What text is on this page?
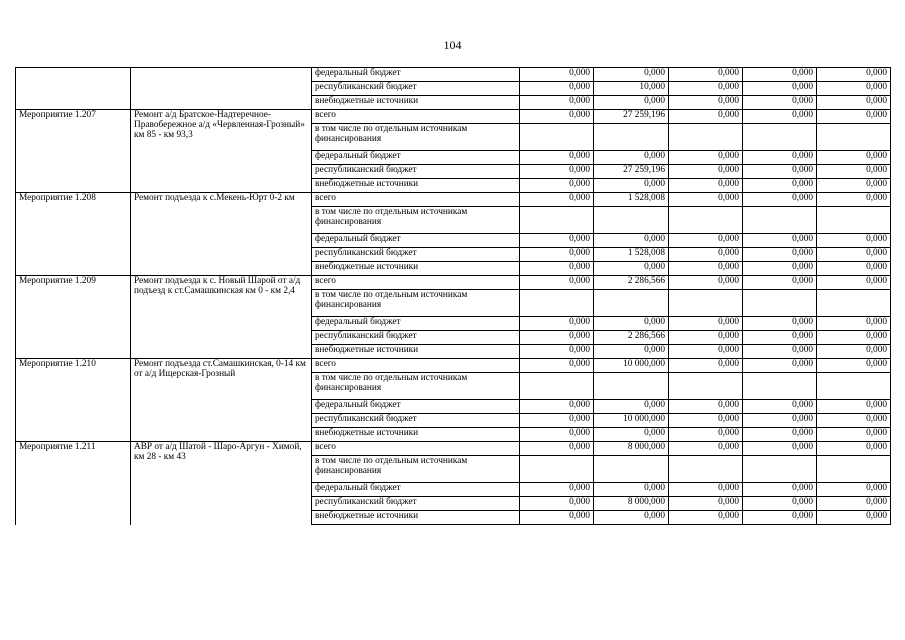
104
		федеральный бюджет	0,000	0,000	0,000	0,000	0,000
		республиканский бюджет	0,000	10,000	0,000	0,000	0,000
		внебюджетные источники	0,000	0,000	0,000	0,000	0,000
Мероприятие 1.207	Ремонт а/д Братское-Надтеречное-Правобережное а/д «Червленная-Грозный» км 85 - км 93,3	всего	0,000	27 259,196	0,000	0,000	0,000
		в том числе по отдельным источникам финансирования					
		федеральный бюджет	0,000	0,000	0,000	0,000	0,000
		республиканский бюджет	0,000	27 259,196	0,000	0,000	0,000
		внебюджетные источники	0,000	0,000	0,000	0,000	0,000
Мероприятие 1.208	Ремонт подъезда к с.Мекень-Юрт 0-2 км	всего	0,000	1 528,008	0,000	0,000	0,000
		в том числе по отдельным источникам финансирования					
		федеральный бюджет	0,000	0,000	0,000	0,000	0,000
		республиканский бюджет	0,000	1 528,008	0,000	0,000	0,000
		внебюджетные источники	0,000	0,000	0,000	0,000	0,000
Мероприятие 1.209	Ремонт подъезда к с. Новый Шарой от а/д подъезд к ст.Самашкинская км 0 - км 2,4	всего	0,000	2 286,566	0,000	0,000	0,000
		в том числе по отдельным источникам финансирования					
		федеральный бюджет	0,000	0,000	0,000	0,000	0,000
		республиканский бюджет	0,000	2 286,566	0,000	0,000	0,000
		внебюджетные источники	0,000	0,000	0,000	0,000	0,000
Мероприятие 1.210	Ремонт подъезда ст.Самашкинская, 0-14 км от а/д Ищерская-Грозный	всего	0,000	10 000,000	0,000	0,000	0,000
		в том числе по отдельным источникам финансирования					
		федеральный бюджет	0,000	0,000	0,000	0,000	0,000
		республиканский бюджет	0,000	10 000,000	0,000	0,000	0,000
		внебюджетные источники	0,000	0,000	0,000	0,000	0,000
Мероприятие 1.211	АВР от а/д Шатой - Шаро-Аргун - Химой, км 28 - км 43	всего	0,000	8 000,000	0,000	0,000	0,000
		в том числе по отдельным источникам финансирования					
		федеральный бюджет	0,000	0,000	0,000	0,000	0,000
		республиканский бюджет	0,000	8 000,000	0,000	0,000	0,000
		внебюджетные источники	0,000	0,000	0,000	0,000	0,000
